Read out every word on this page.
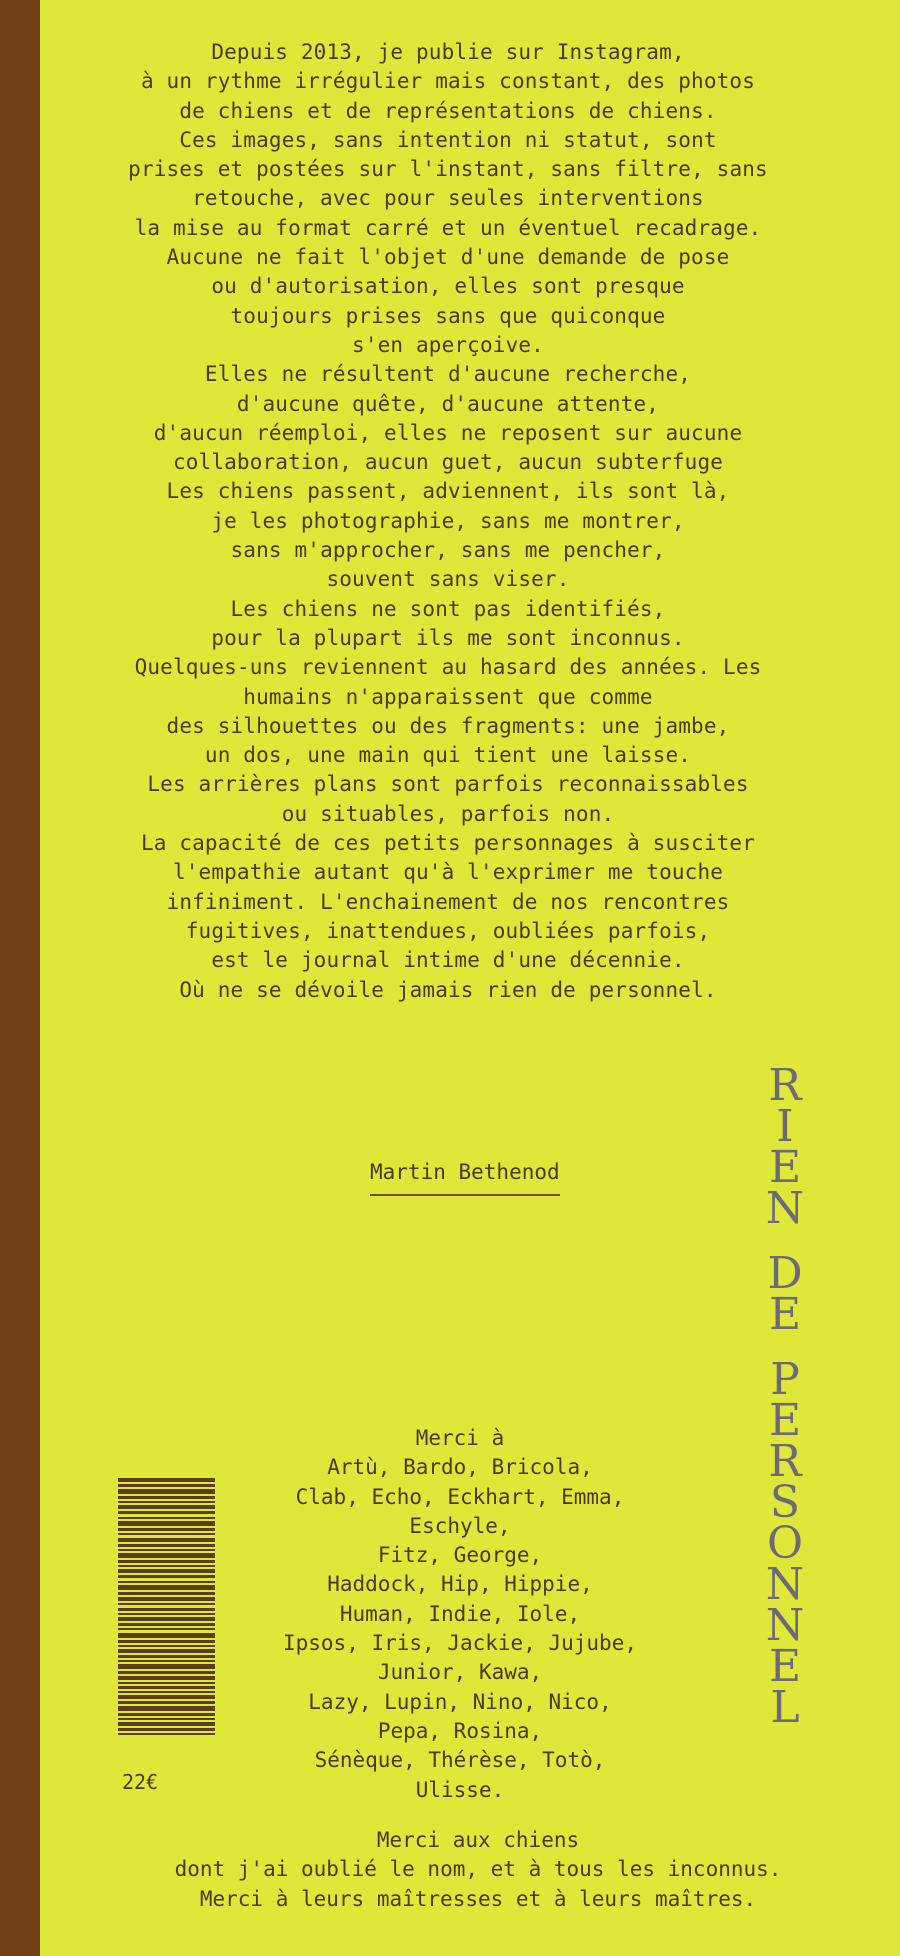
Depuis 2013, je publie sur Instagram,
à un rythme irrégulier mais constant, des photos
de chiens et de représentations de chiens.
Ces images, sans intention ni statut, sont
prises et postées sur l'instant, sans filtre, sans
retouche, avec pour seules interventions
la mise au format carré et un éventuel recadrage.
Aucune ne fait l'objet d'une demande de pose
ou d'autorisation, elles sont presque
toujours prises sans que quiconque
s'en aperçoive.
Elles ne résultent d'aucune recherche,
d'aucune quête, d'aucune attente,
d'aucun réemploi, elles ne reposent sur aucune
collaboration, aucun guet, aucun subterfuge
Les chiens passent, adviennent, ils sont là,
je les photographie, sans me montrer,
sans m'approcher, sans me pencher,
souvent sans viser.
Les chiens ne sont pas identifiés,
pour la plupart ils me sont inconnus.
Quelques-uns reviennent au hasard des années. Les
humains n'apparaissent que comme
des silhouettes ou des fragments: une jambe,
un dos, une main qui tient une laisse.
Les arrières plans sont parfois reconnaissables
ou situables, parfois non.
La capacité de ces petits personnages à susciter
l'empathie autant qu'à l'exprimer me touche
infiniment. L'enchainement de nos rencontres
fugitives, inattendues, oubliées parfois,
est le journal intime d'une décennie.
Où ne se dévoile jamais rien de personnel.
Martin Bethenod
R
I
E
N
D
E
P
E
R
S
O
N
N
E
L
22€
Merci à
Artù, Bardo, Bricola,
Clab, Echo, Eckhart, Emma,
Eschyle,
Fitz, George,
Haddock, Hip, Hippie,
Human, Indie, Iole,
Ipsos, Iris, Jackie, Jujube,
Junior, Kawa,
Lazy, Lupin, Nino, Nico,
Pepa, Rosina,
Sénèque, Thérèse, Totò,
Ulisse.
Merci aux chiens
dont j'ai oublié le nom, et à tous les inconnus.
Merci à leurs maîtresses et à leurs maîtres.
